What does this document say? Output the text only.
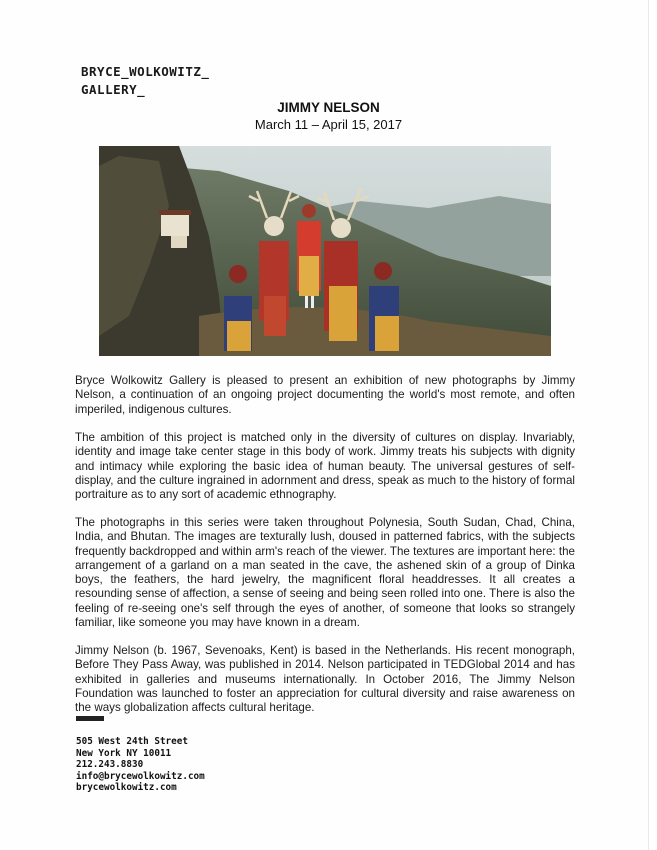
BRYCE_WOLKOWITZ_
GALLERY_
JIMMY NELSON
March 11 – April 15, 2017

Bryce Wolkowitz Gallery is pleased to present an exhibition of new photographs by Jimmy Nelson, a continuation of an ongoing project documenting the world's most remote, and often imperiled, indigenous cultures.

The ambition of this project is matched only in the diversity of cultures on display. Invariably, identity and image take center stage in this body of work. Jimmy treats his subjects with dignity and intimacy while exploring the basic idea of human beauty. The universal gestures of self-display, and the culture ingrained in adornment and dress, speak as much to the history of formal portraiture as to any sort of academic ethnography.

The photographs in this series were taken throughout Polynesia, South Sudan, Chad, China, India, and Bhutan. The images are texturally lush, doused in patterned fabrics, with the subjects frequently backdropped and within arm's reach of the viewer. The textures are important here: the arrangement of a garland on a man seated in the cave, the ashened skin of a group of Dinka boys, the feathers, the hard jewelry, the magnificent floral headdresses. It all creates a resounding sense of affection, a sense of seeing and being seen rolled into one. There is also the feeling of re-seeing one's self through the eyes of another, of someone that looks so strangely familiar, like someone you may have known in a dream.

Jimmy Nelson (b. 1967, Sevenoaks, Kent) is based in the Netherlands. His recent monograph, Before They Pass Away, was published in 2014. Nelson participated in TEDGlobal 2014 and has exhibited in galleries and museums internationally. In October 2016, The Jimmy Nelson Foundation was launched to foster an appreciation for cultural diversity and raise awareness on the ways globalization affects cultural heritage.

505 West 24th Street
New York NY 10011
212.243.8830
info@brycewolkowitz.com
brycewolkowitz.com
